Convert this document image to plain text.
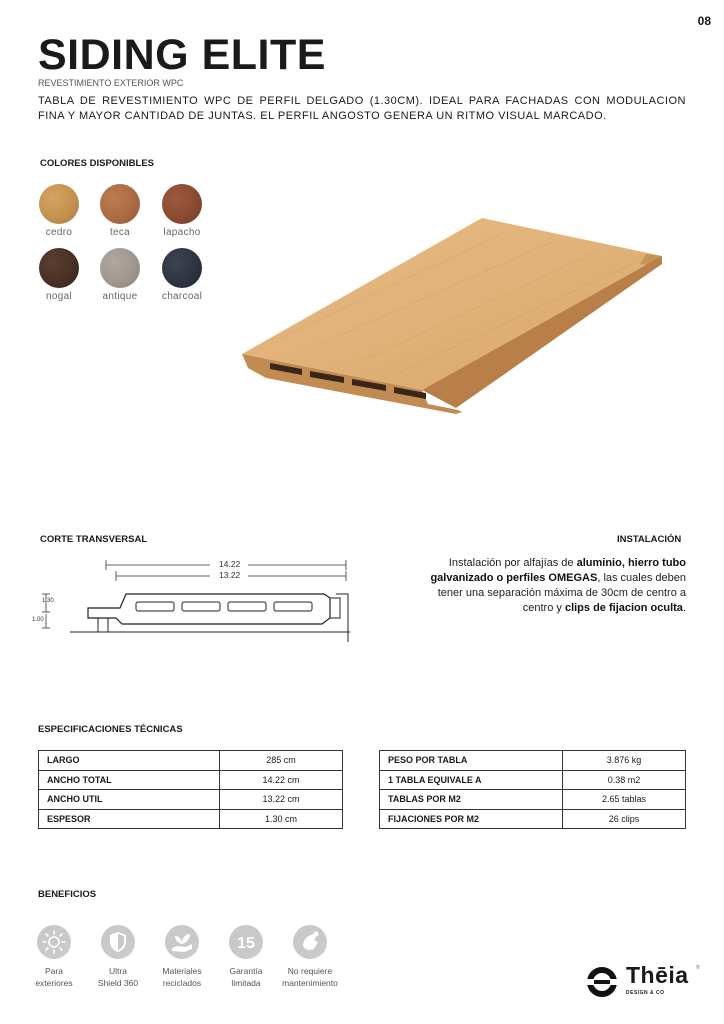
08
SIDING ELITE
REVESTIMIENTO EXTERIOR WPC

TABLA DE REVESTIMIENTO WPC DE PERFIL DELGADO (1.30CM). IDEAL PARA FACHADAS CON MODULACION FINA Y MAYOR CANTIDAD DE JUNTAS. EL PERFIL ANGOSTO GENERA UN RITMO VISUAL MARCADO.

COLORES DISPONIBLES
cedro	teca	lapacho
nogal	antique	charcoal
CORTE TRANSVERSAL
14.22
13.22
1.30
1.00
INSTALACIÓN

Instalación por alfajías de aluminio, hierro tubo galvanizado o perfiles OMEGAS, las cuales deben tener una separación máxima de 30cm de centro a centro y clips de fijacion oculta.

ESPECIFICACIONES TÉCNICAS
LARGO	285 cm
ANCHO TOTAL	14.22 cm
ANCHO UTIL	13.22 cm
ESPESOR	1.30 cm
PESO POR TABLA	3.876 kg
1 TABLA EQUIVALE A	0.38 m2
TABLAS POR M2	2.65 tablas
FIJACIONES POR M2	26 clips
BENEFICIOS
Para
exteriores
Ultra
Shield 360
Materiales
reciclados
15
Garantía
limitada
No requiere
mantenimiento	Thēia
DESIGN & CO
®
